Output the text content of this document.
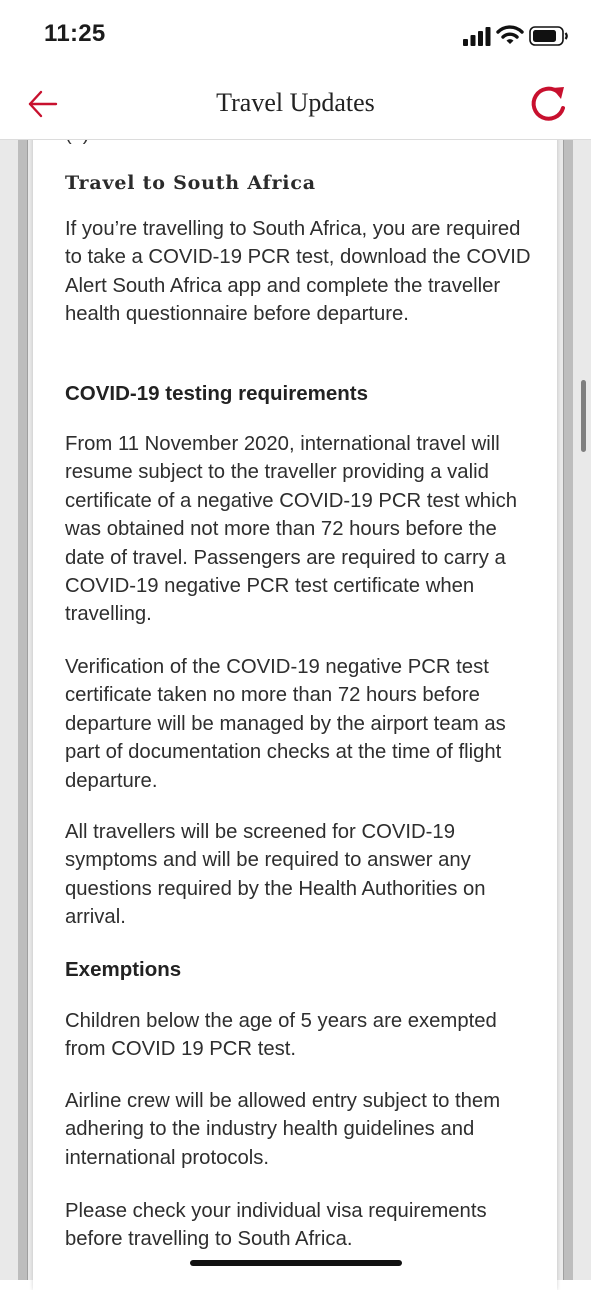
11:25
Travel Updates
Travel to South Africa
If you’re travelling to South Africa, you are required to take a COVID-19 PCR test, download the COVID Alert South Africa app and complete the traveller health questionnaire before departure.
COVID-19 testing requirements
From 11 November 2020, international travel will resume subject to the traveller providing a valid certificate of a negative COVID-19 PCR test which was obtained not more than 72 hours before the date of travel. Passengers are required to carry a COVID-19 negative PCR test certificate when travelling.
Verification of the COVID-19 negative PCR test certificate taken no more than 72 hours before departure will be managed by the airport team as part of documentation checks at the time of flight departure.
All travellers will be screened for COVID-19 symptoms and will be required to answer any questions required by the Health Authorities on arrival.
Exemptions
Children below the age of 5 years are exempted from COVID 19 PCR test.
Airline crew will be allowed entry subject to them adhering to the industry health guidelines and international protocols.
Please check your individual visa requirements before travelling to South Africa.
